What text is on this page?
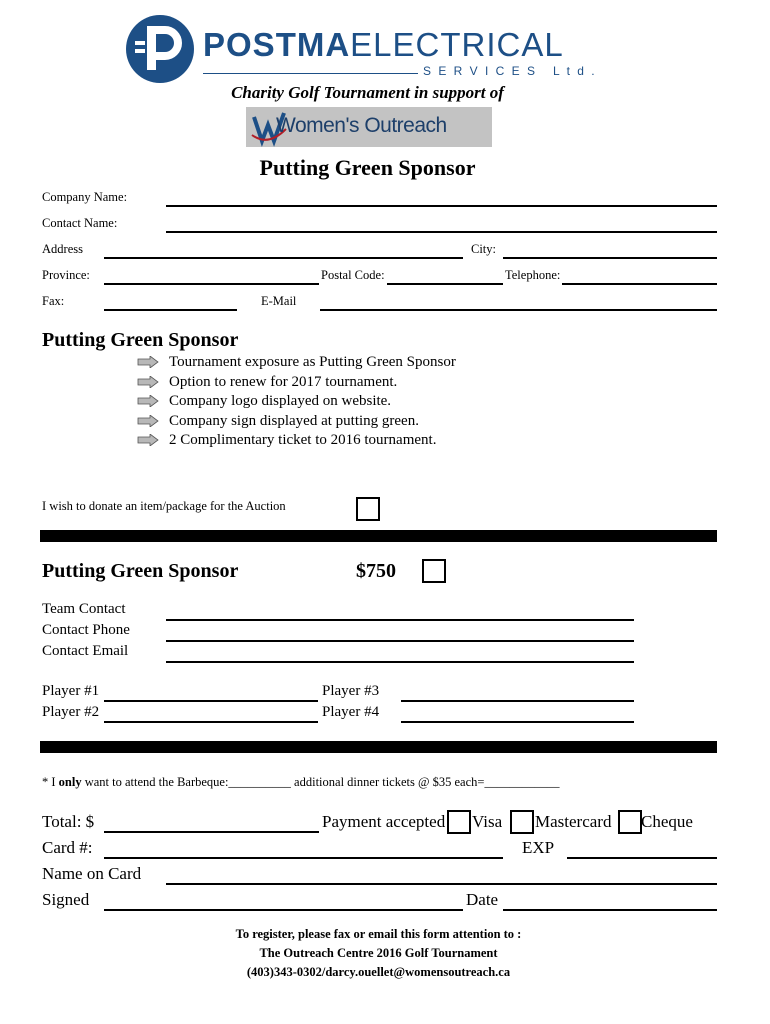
POSTMAELECTRICAL
S E R V I C E S   L t d .
Charity Golf Tournament in support of
Women's Outreach
Putting Green Sponsor
Company Name:
Contact Name:
Address	City:
Province:	Postal Code:	Telephone:
Fax:	E-Mail
Putting Green Sponsor
Tournament exposure as Putting Green Sponsor
Option to renew for 2017 tournament.
Company logo displayed on website.
Company sign displayed at putting green.
2 Complimentary ticket to 2016 tournament.
I wish to donate an item/package for the Auction
Putting Green Sponsor	$750
Team Contact
Contact Phone
Contact Email
Player #1	Player #3
Player #2	Player #4
* I only want to attend the Barbeque:__________ additional dinner tickets @ $35 each=____________
Total: $	Payment accepted Visa Mastercard Cheque
Card #:	EXP
Name on Card
Signed	Date
To register, please fax or email this form attention to :
The Outreach Centre 2016 Golf Tournament
(403)343-0302/darcy.ouellet@womensoutreach.ca
